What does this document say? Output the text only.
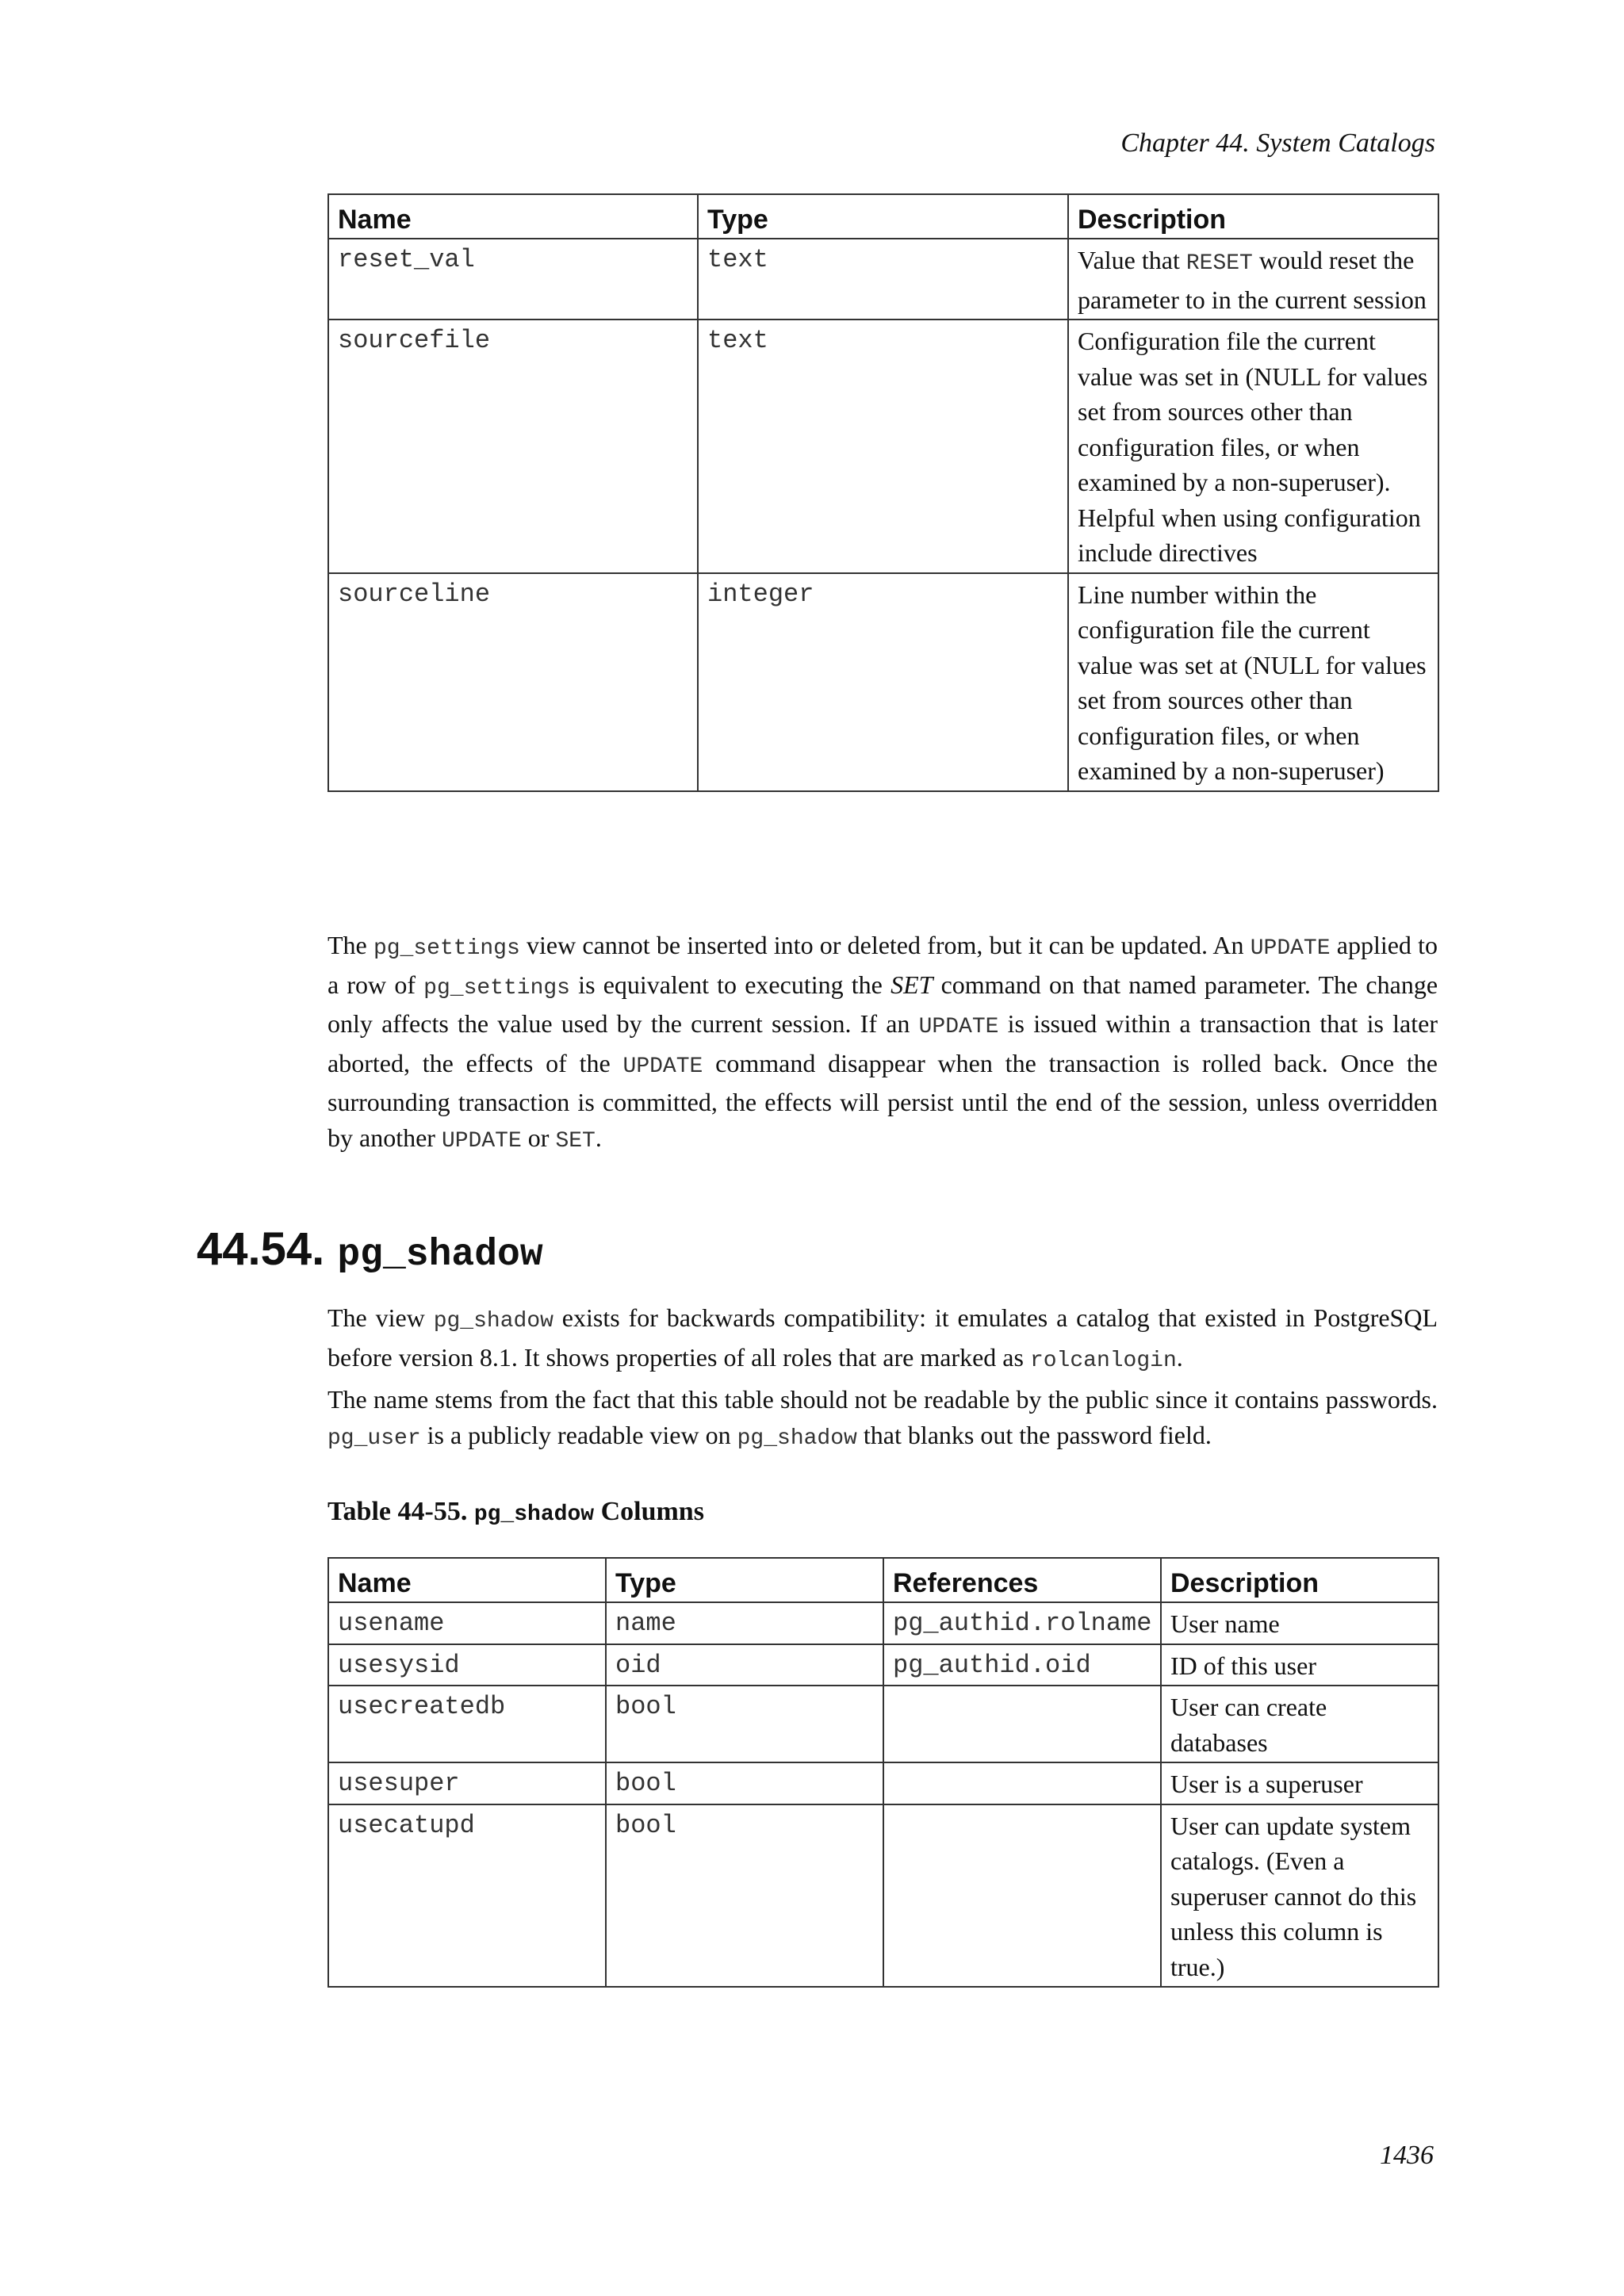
Chapter 44. System Catalogs
Name	Type	Description
reset_val	text	Value that RESET would reset the parameter to in the current session
sourcefile	text	Configuration file the current value was set in (NULL for values set from sources other than configuration files, or when examined by a non-superuser). Helpful when using configuration include directives
sourceline	integer	Line number within the configuration file the current value was set at (NULL for values set from sources other than configuration files, or when examined by a non-superuser)
The pg_settings view cannot be inserted into or deleted from, but it can be updated. An UPDATE applied to a row of pg_settings is equivalent to executing the SET command on that named parameter. The change only affects the value used by the current session. If an UPDATE is issued within a transaction that is later aborted, the effects of the UPDATE command disappear when the transaction is rolled back. Once the surrounding transaction is committed, the effects will persist until the end of the session, unless overridden by another UPDATE or SET.
44.54. pg_shadow
The view pg_shadow exists for backwards compatibility: it emulates a catalog that existed in PostgreSQL before version 8.1. It shows properties of all roles that are marked as rolcanlogin.
The name stems from the fact that this table should not be readable by the public since it contains passwords. pg_user is a publicly readable view on pg_shadow that blanks out the password field.
Table 44-55. pg_shadow Columns
Name	Type	References	Description
usename	name	pg_authid.rolname	User name
usesysid	oid	pg_authid.oid	ID of this user
usecreatedb	bool		User can create databases
usesuper	bool		User is a superuser
usecatupd	bool		User can update system catalogs. (Even a superuser cannot do this unless this column is true.)
1436
